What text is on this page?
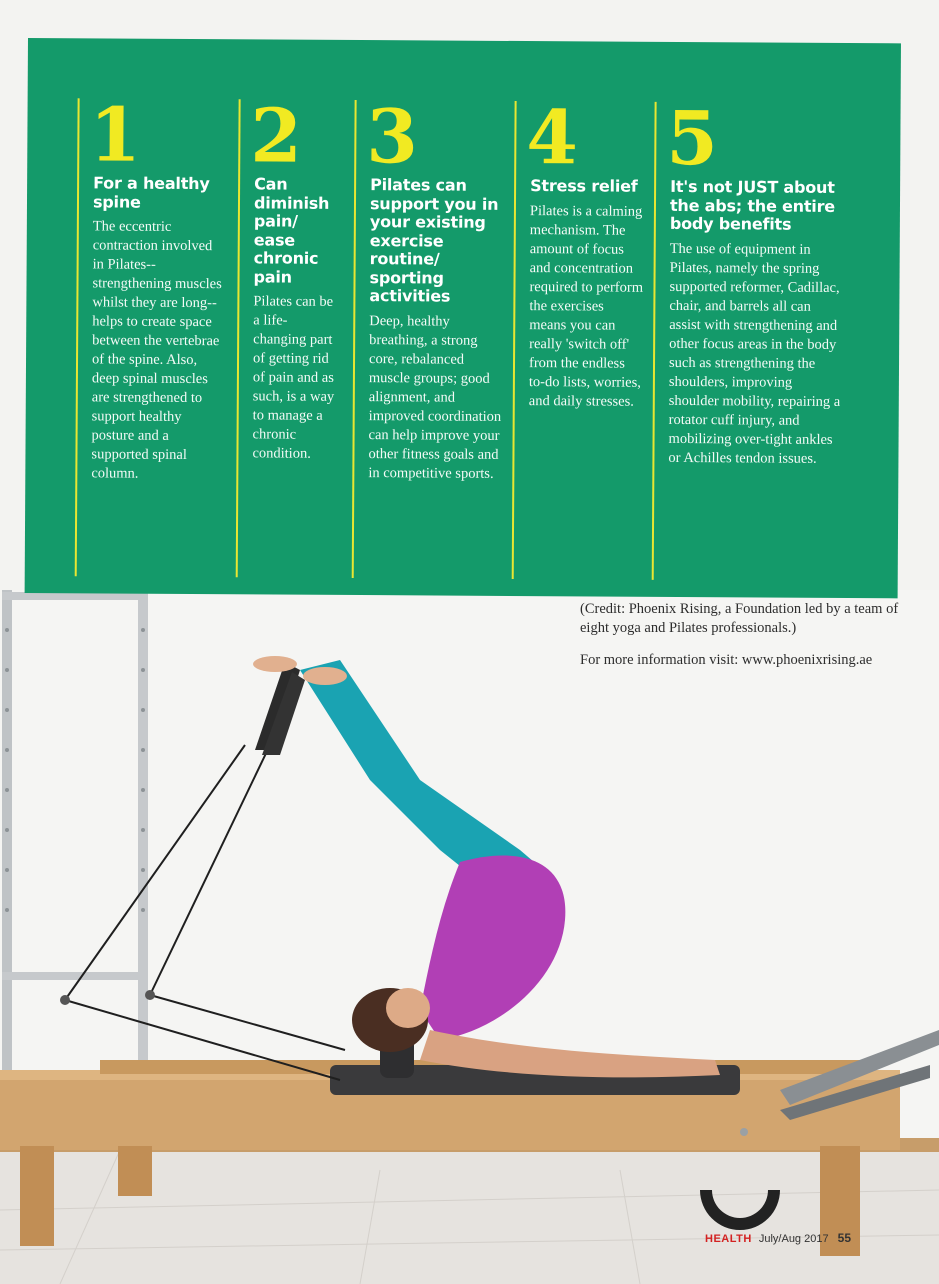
1
For a healthy spine
The eccentric contraction involved in Pilates--strengthening muscles whilst they are long--helps to create space between the vertebrae of the spine. Also, deep spinal muscles are strengthened to support healthy posture and a supported spinal column.
2
Can diminish pain/ ease chronic pain
Pilates can be a life-changing part of getting rid of pain and as such, is a way to manage a chronic condition.
3
Pilates can support you in your existing exercise routine/ sporting activities
Deep, healthy breathing, a strong core, rebalanced muscle groups; good alignment, and improved coordination can help improve your other fitness goals and in competitive sports.
4
Stress relief
Pilates is a calming mechanism. The amount of focus and concentration required to perform the exercises means you can really 'switch off' from the endless to-do lists, worries, and daily stresses.
5
It's not JUST about the abs; the entire body benefits
The use of equipment in Pilates, namely the spring supported reformer, Cadillac, chair, and barrels all can assist with strengthening and other focus areas in the body such as strengthening the shoulders, improving shoulder mobility, repairing a rotator cuff injury, and mobilizing over-tight ankles or Achilles tendon issues.

(Credit: Phoenix Rising, a Foundation led by a team of eight yoga and Pilates professionals.)

For more information visit: www.phoenixrising.ae

HEALTH July/Aug 2017 55
